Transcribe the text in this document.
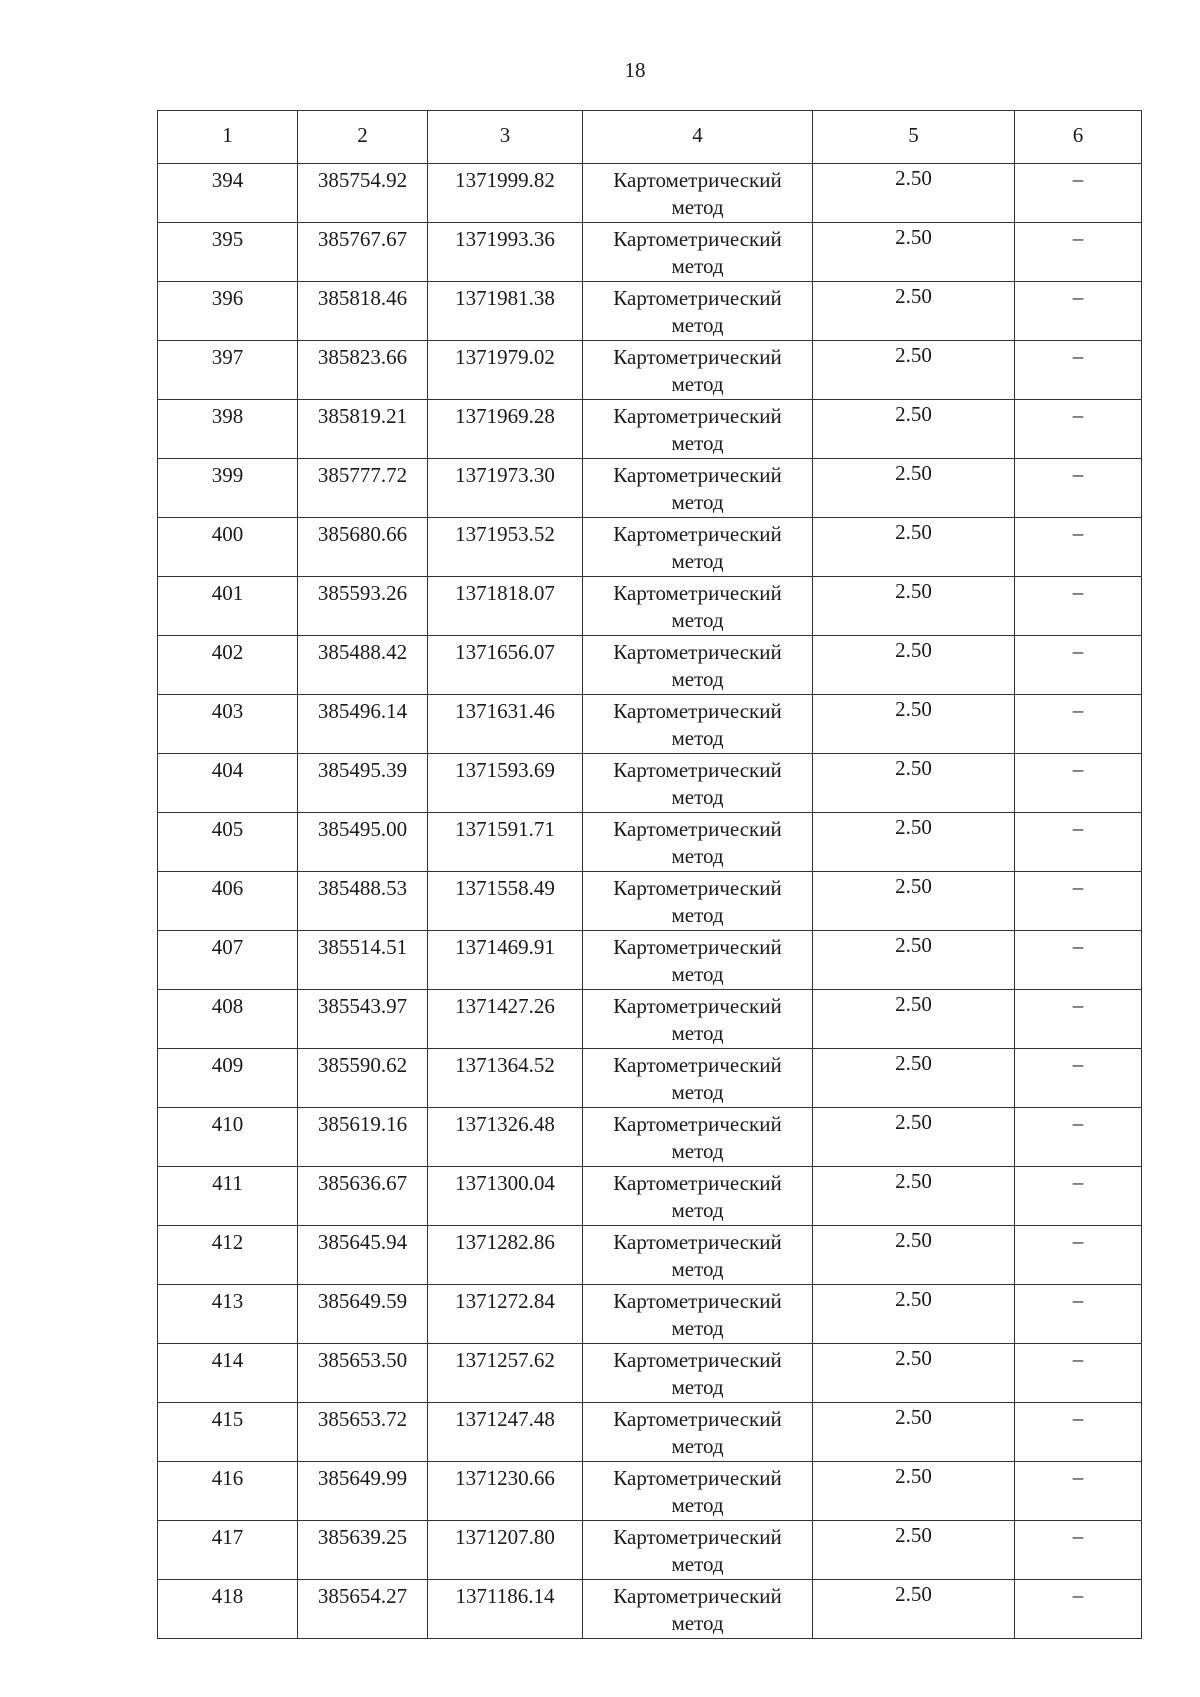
18
1	2	3	4	5	6
394	385754.92	1371999.82	Картометрический
метод	2.50	–
395	385767.67	1371993.36	Картометрический
метод	2.50	–
396	385818.46	1371981.38	Картометрический
метод	2.50	–
397	385823.66	1371979.02	Картометрический
метод	2.50	–
398	385819.21	1371969.28	Картометрический
метод	2.50	–
399	385777.72	1371973.30	Картометрический
метод	2.50	–
400	385680.66	1371953.52	Картометрический
метод	2.50	–
401	385593.26	1371818.07	Картометрический
метод	2.50	–
402	385488.42	1371656.07	Картометрический
метод	2.50	–
403	385496.14	1371631.46	Картометрический
метод	2.50	–
404	385495.39	1371593.69	Картометрический
метод	2.50	–
405	385495.00	1371591.71	Картометрический
метод	2.50	–
406	385488.53	1371558.49	Картометрический
метод	2.50	–
407	385514.51	1371469.91	Картометрический
метод	2.50	–
408	385543.97	1371427.26	Картометрический
метод	2.50	–
409	385590.62	1371364.52	Картометрический
метод	2.50	–
410	385619.16	1371326.48	Картометрический
метод	2.50	–
411	385636.67	1371300.04	Картометрический
метод	2.50	–
412	385645.94	1371282.86	Картометрический
метод	2.50	–
413	385649.59	1371272.84	Картометрический
метод	2.50	–
414	385653.50	1371257.62	Картометрический
метод	2.50	–
415	385653.72	1371247.48	Картометрический
метод	2.50	–
416	385649.99	1371230.66	Картометрический
метод	2.50	–
417	385639.25	1371207.80	Картометрический
метод	2.50	–
418	385654.27	1371186.14	Картометрический
метод	2.50	–
